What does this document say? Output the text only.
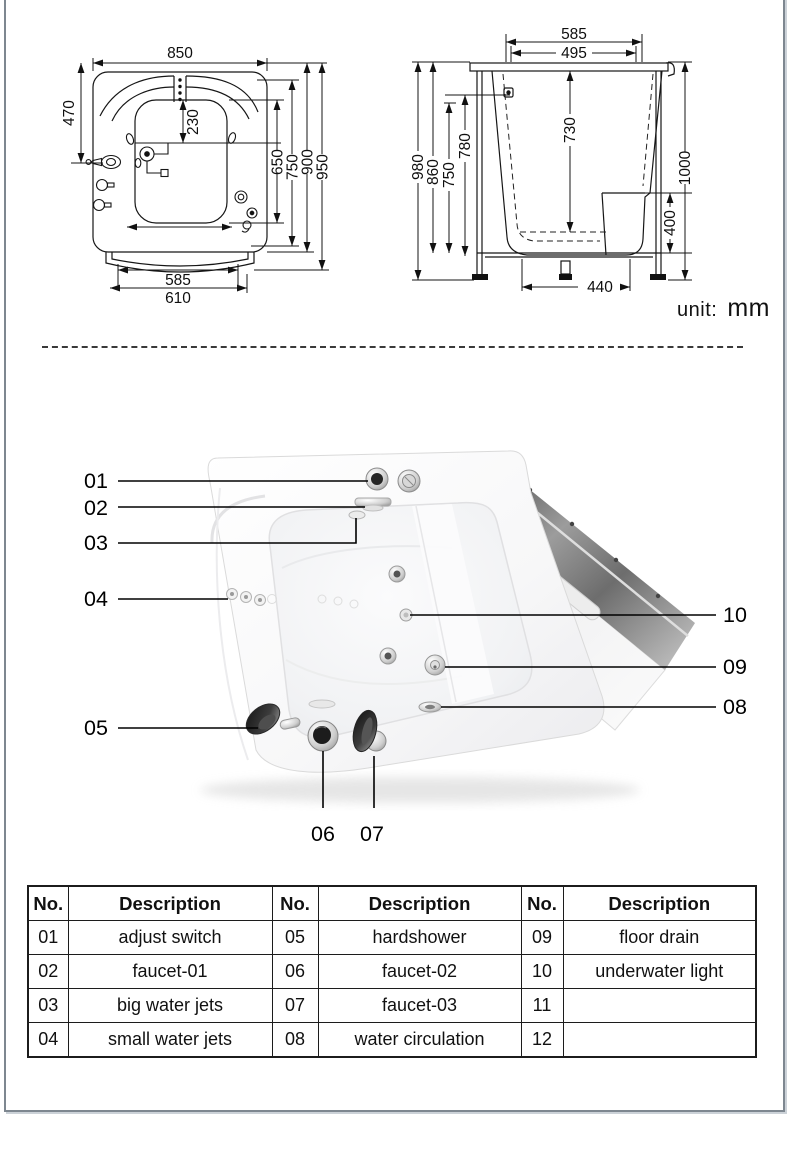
850
470	230
650
750
900
950
585
610
585
495
730
980
860 750
780
1000
400
440
unit: mm
01
02
03
04
05
06 07
10
09
08
No.	Description	No.	Description	No.	Description
01	adjust switch	05	hardshower	09	floor drain
02	faucet-01	06	faucet-02	10	underwater light
03	big water jets	07	faucet-03	11	
04	small water jets	08	water circulation	12	
